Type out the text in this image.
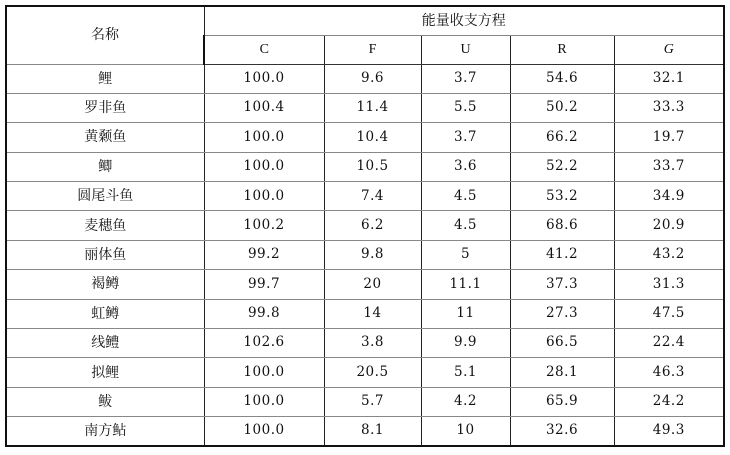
名称	能量收支方程				
	C	F	U	R	G
鲤	100.0	9.6	3.7	54.6	32.1
罗非鱼	100.4	11.4	5.5	50.2	33.3
黄颡鱼	100.0	10.4	3.7	66.2	19.7
鲫	100.0	10.5	3.6	52.2	33.7
圆尾斗鱼	100.0	7.4	4.5	53.2	34.9
麦穗鱼	100.2	6.2	4.5	68.6	20.9
丽体鱼	99.2	9.8	5	41.2	43.2
褐鳟	99.7	20	11.1	37.3	31.3
虹鳟	99.8	14	11	27.3	47.5
线鳢	102.6	3.8	9.9	66.5	22.4
拟鲤	100.0	20.5	5.1	28.1	46.3
鲅	100.0	5.7	4.2	65.9	24.2
南方鲇	100.0	8.1	10	32.6	49.3
